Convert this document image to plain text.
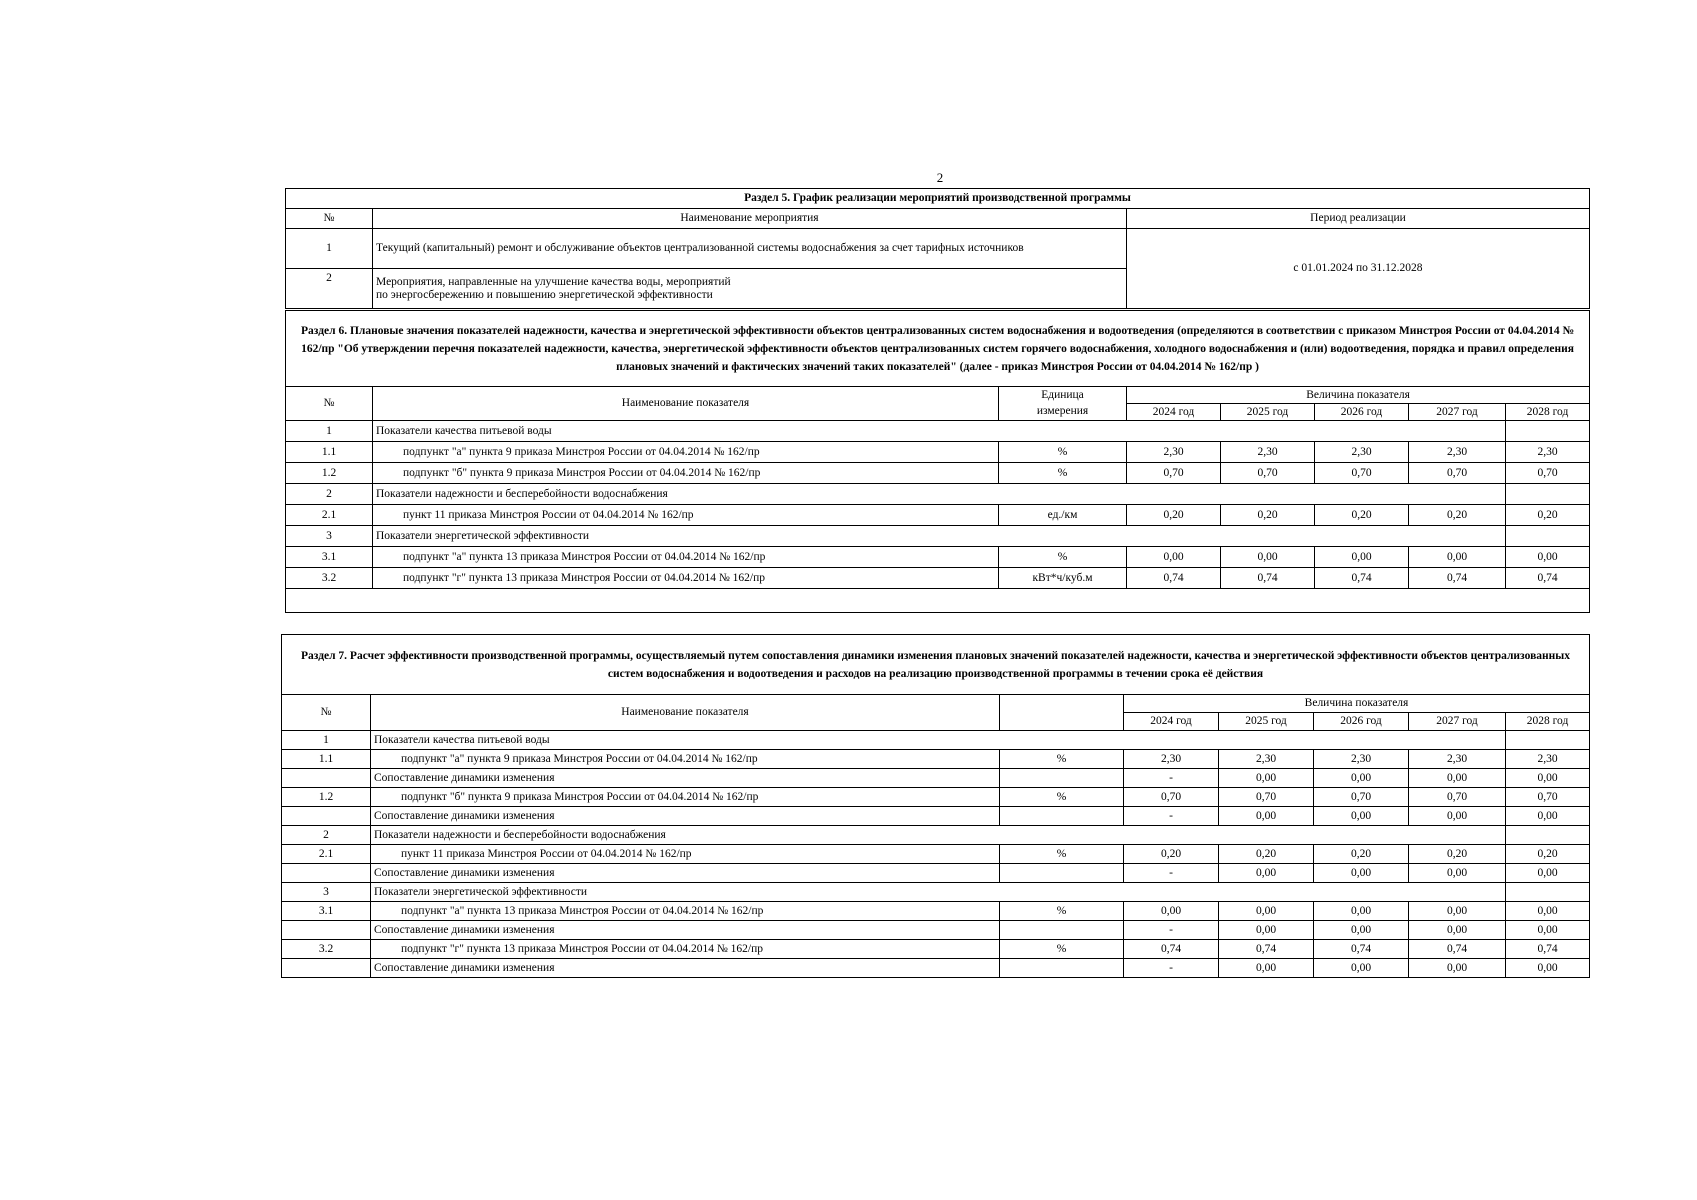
2
Раздел 5. График реализации мероприятий производственной программы		
№	Наименование мероприятия	Период реализации
1	Текущий (капитальный) ремонт и обслуживание объектов централизованной системы водоснабжения за счет тарифных источников	с 01.01.2024 по 31.12.2028
2	Мероприятия, направленные на улучшение качества воды, мероприятий
по энергосбережению и повышению энергетической эффективности	
Раздел 6. Плановые значения показателей надежности, качества и энергетической эффективности объектов централизованных систем водоснабжения и водоотведения (определяются в соответствии с приказом Минстроя России от 04.04.2014 № 162/пр "Об утверждении перечня показателей надежности, качества, энергетической эффективности объектов централизованных систем горячего водоснабжения, холодного водоснабжения и (или) водоотведения, порядка и правил определения плановых значений и фактических значений таких показателей" (далее - приказ Минстроя России от 04.04.2014 № 162/пр )							
№	Наименование показателя	Единица	Величина показателя				
		измерения	2024 год	2025 год	2026 год	2027 год	2028 год
1	Показатели качества питьевой воды						
1.1	подпункт "а" пункта 9 приказа Минстроя России от 04.04.2014 № 162/пр	%	2,30	2,30	2,30	2,30	2,30
1.2	подпункт "б" пункта 9 приказа Минстроя России от 04.04.2014 № 162/пр	%	0,70	0,70	0,70	0,70	0,70
2	Показатели надежности и бесперебойности водоснабжения						
2.1	пункт 11 приказа Минстроя России от 04.04.2014 № 162/пр	ед./км	0,20	0,20	0,20	0,20	0,20
3	Показатели энергетической эффективности						
3.1	подпункт "а" пункта 13 приказа Минстроя России от 04.04.2014 № 162/пр	%	0,00	0,00	0,00	0,00	0,00
3.2	подпункт "г" пункта 13 приказа Минстроя России от 04.04.2014 № 162/пр	кВт*ч/куб.м	0,74	0,74	0,74	0,74	0,74

Раздел 7. Расчет эффективности производственной программы, осуществляемый путем сопоставления динамики изменения плановых значений показателей надежности, качества и энергетической эффективности объектов централизованных систем водоснабжения и водоотведения и расходов на реализацию производственной программы в течении срока её действия							
№	Наименование показателя		Величина показателя				
			2024 год	2025 год	2026 год	2027 год	2028 год
1	Показатели качества питьевой воды						
1.1	подпункт "а" пункта 9 приказа Минстроя России от 04.04.2014 № 162/пр	%	2,30	2,30	2,30	2,30	2,30
	Сопоставление динамики изменения		-	0,00	0,00	0,00	0,00
1.2	подпункт "б" пункта 9 приказа Минстроя России от 04.04.2014 № 162/пр	%	0,70	0,70	0,70	0,70	0,70
	Сопоставление динамики изменения		-	0,00	0,00	0,00	0,00
2	Показатели надежности и бесперебойности водоснабжения						
2.1	пункт 11 приказа Минстроя России от 04.04.2014 № 162/пр	%	0,20	0,20	0,20	0,20	0,20
	Сопоставление динамики изменения		-	0,00	0,00	0,00	0,00
3	Показатели энергетической эффективности						
3.1	подпункт "а" пункта 13 приказа Минстроя России от 04.04.2014 № 162/пр	%	0,00	0,00	0,00	0,00	0,00
	Сопоставление динамики изменения		-	0,00	0,00	0,00	0,00
3.2	подпункт "г" пункта 13 приказа Минстроя России от 04.04.2014 № 162/пр	%	0,74	0,74	0,74	0,74	0,74
	Сопоставление динамики изменения		-	0,00	0,00	0,00	0,00
